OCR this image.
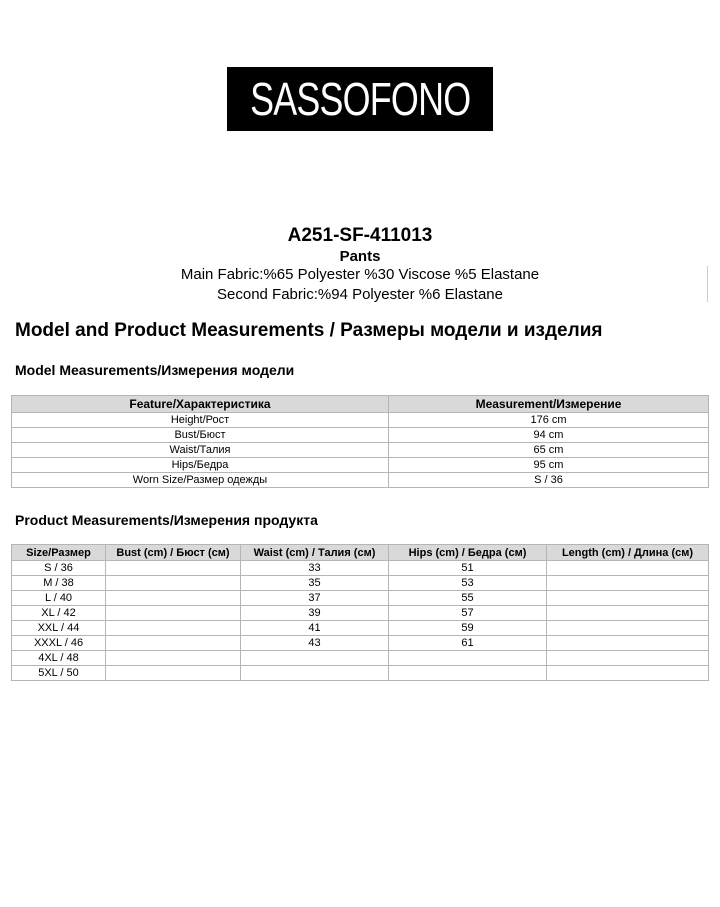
SASSOFONO
A251-SF-411013
Pants
Main Fabric:%65 Polyester %30 Viscose %5 Elastane
Second Fabric:%94 Polyester %6 Elastane
Model and Product Measurements / Размеры модели и изделия
Model Measurements/Измерения модели
Feature/Характеристика	Measurement/Измерение
Height/Рост	176 cm
Bust/Бюст	94 cm
Waist/Талия	65 cm
Hips/Бедра	95 cm
Worn Size/Размер одежды	S / 36
Product Measurements/Измерения продукта
Size/Размер	Bust (cm) / Бюст (см)	Waist (cm) / Талия (см)	Hips (cm) / Бедра (см)	Length (cm) / Длина (см)
S / 36		33	51	
M / 38		35	53	
L / 40		37	55	
XL / 42		39	57	
XXL / 44		41	59	
XXXL / 46		43	61	
4XL / 48				
5XL / 50				
